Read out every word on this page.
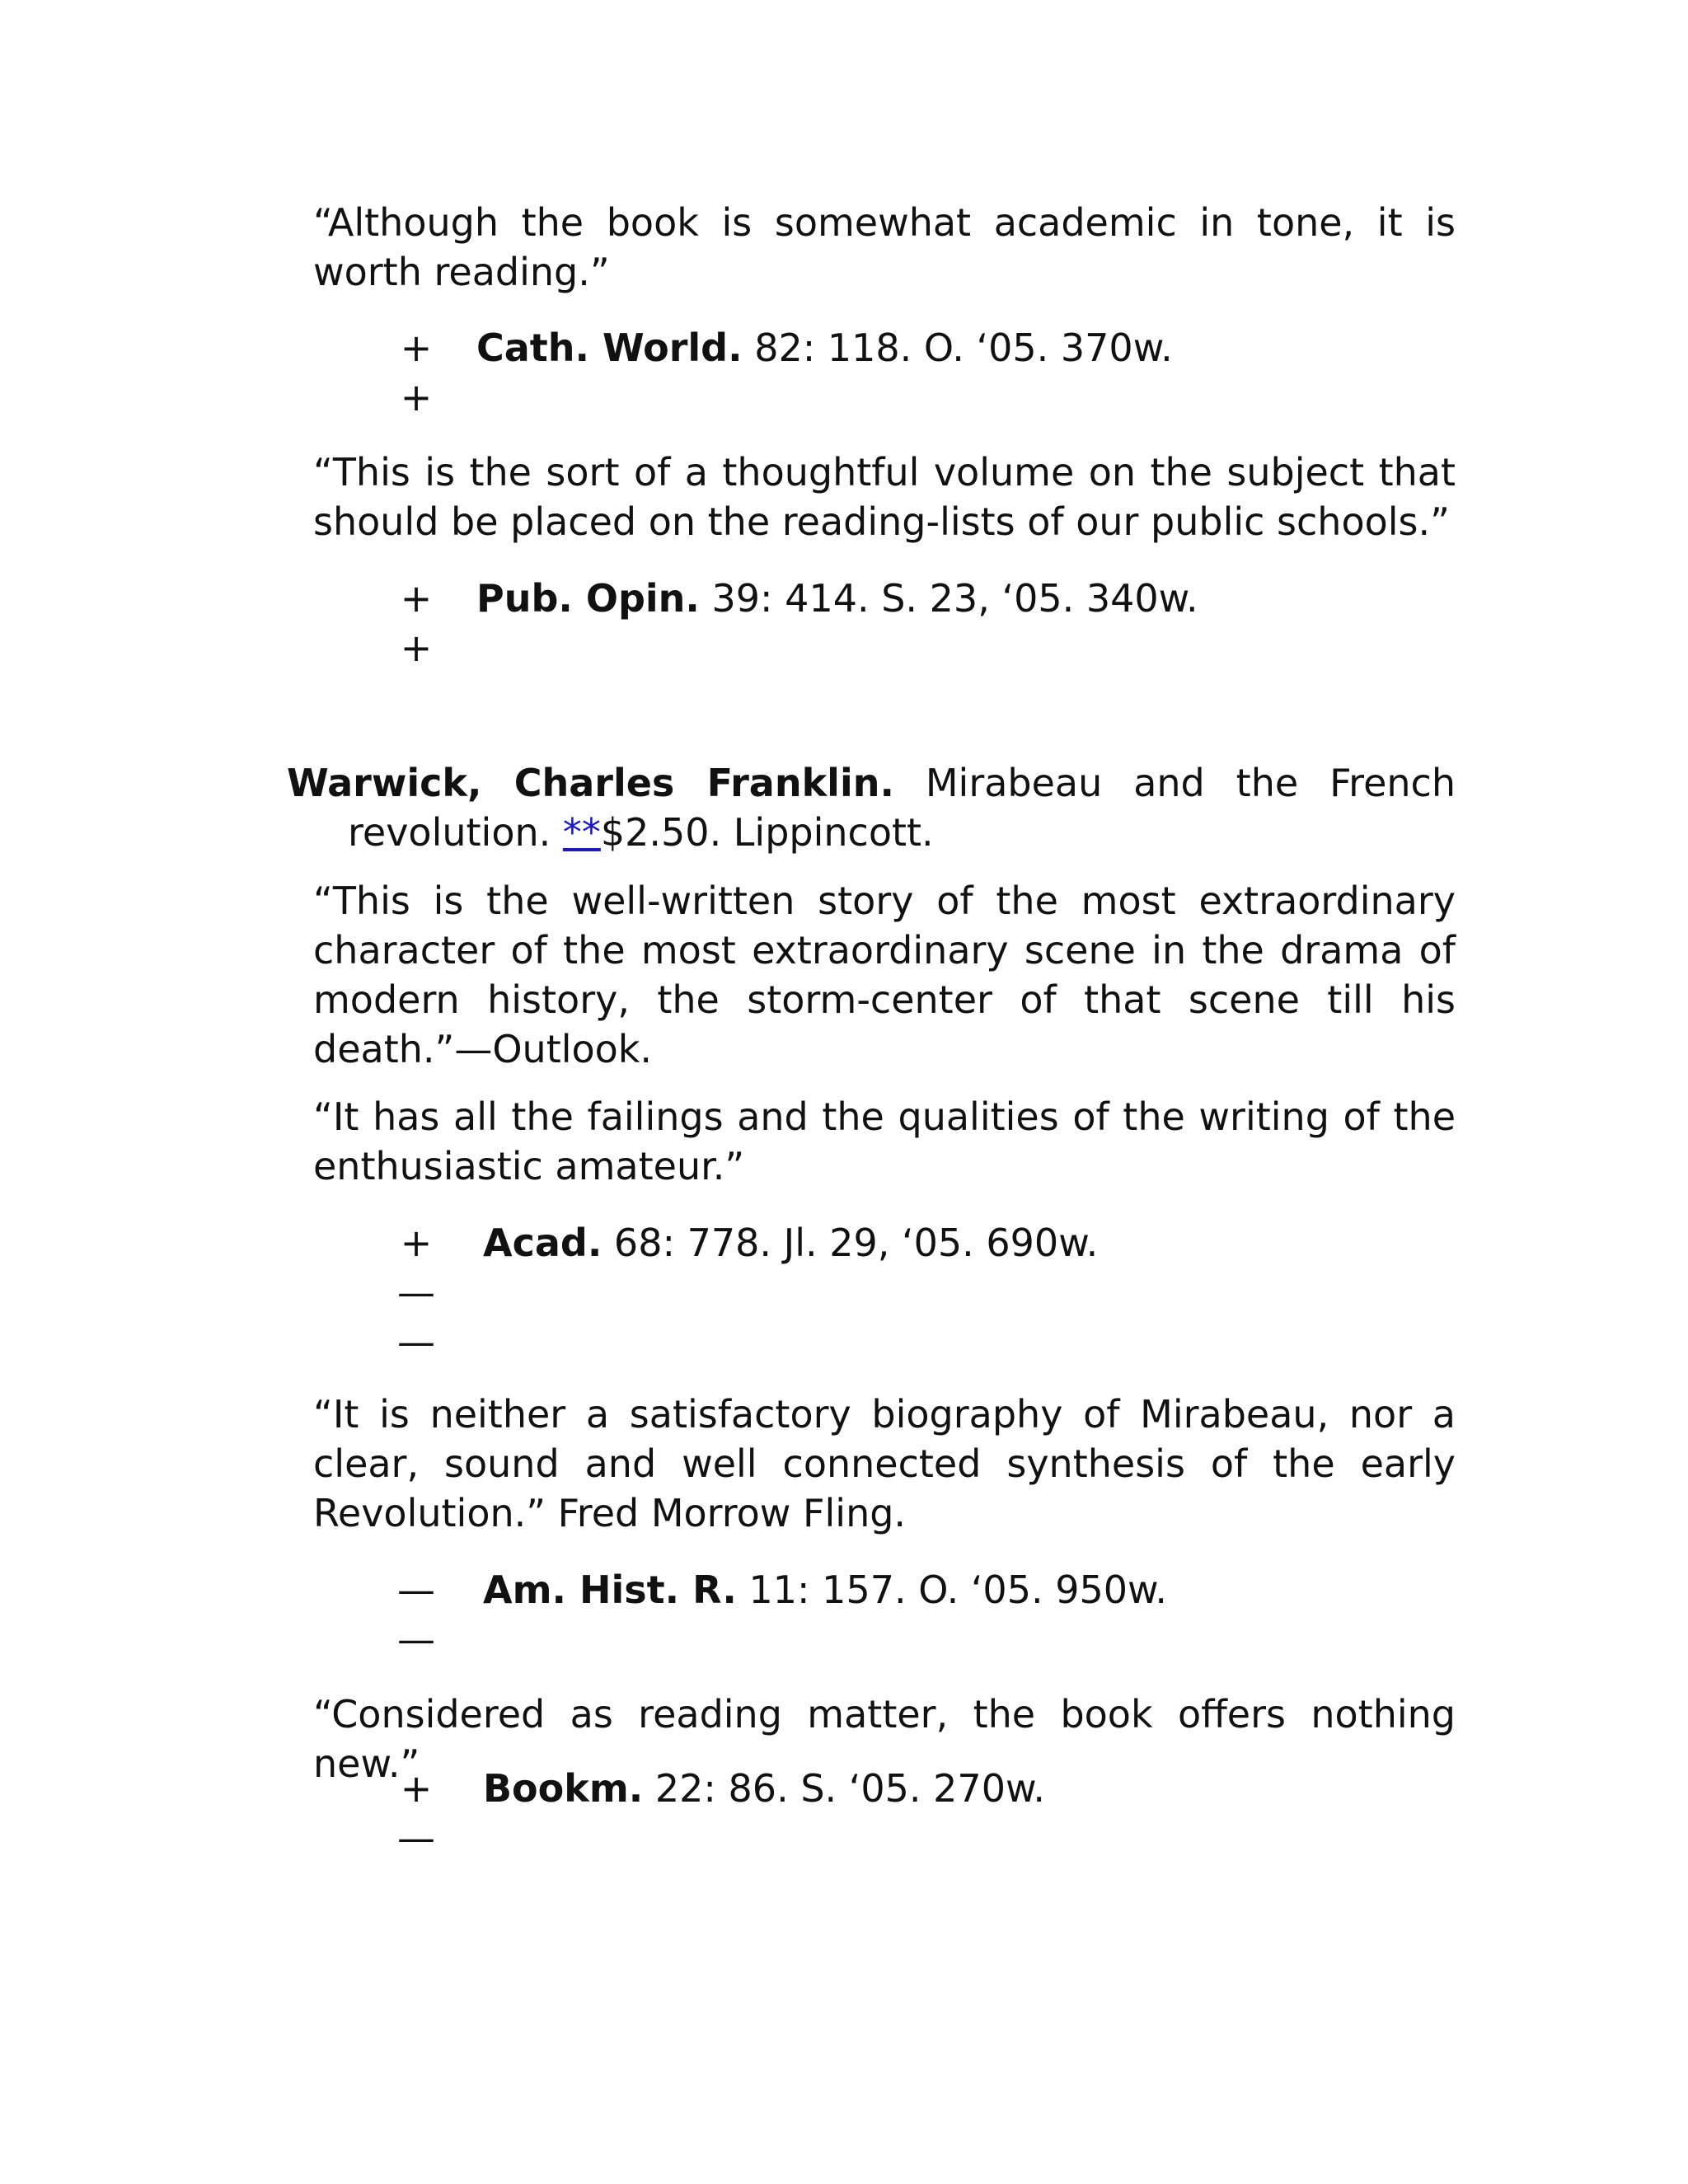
“Although the book is somewhat academic in tone, it is worth reading.”

+
+
Cath. World. 82: 118. O. ‘05. 370w.

“This is the sort of a thoughtful volume on the subject that should be placed on the reading-lists of our public schools.”

+
+
Pub. Opin. 39: 414. S. 23, ‘05. 340w.
Warwick, Charles Franklin. Mirabeau and the French
revolution. **$2.50. Lippincott.

“This is the well-written story of the most extraordinary character of the most extraordinary scene in the drama of modern history, the storm-center of that scene till his death.”—Outlook.

“It has all the failings and the qualities of the writing of the enthusiastic amateur.”

+
—
—
Acad. 68: 778. Jl. 29, ‘05. 690w.

“It is neither a satisfactory biography of Mirabeau, nor a clear, sound and well connected synthesis of the early Revolution.” Fred Morrow Fling.

—
—
Am. Hist. R. 11: 157. O. ‘05. 950w.

“Considered as reading matter, the book offers nothing new.”

+
—
Bookm. 22: 86. S. ‘05. 270w.
